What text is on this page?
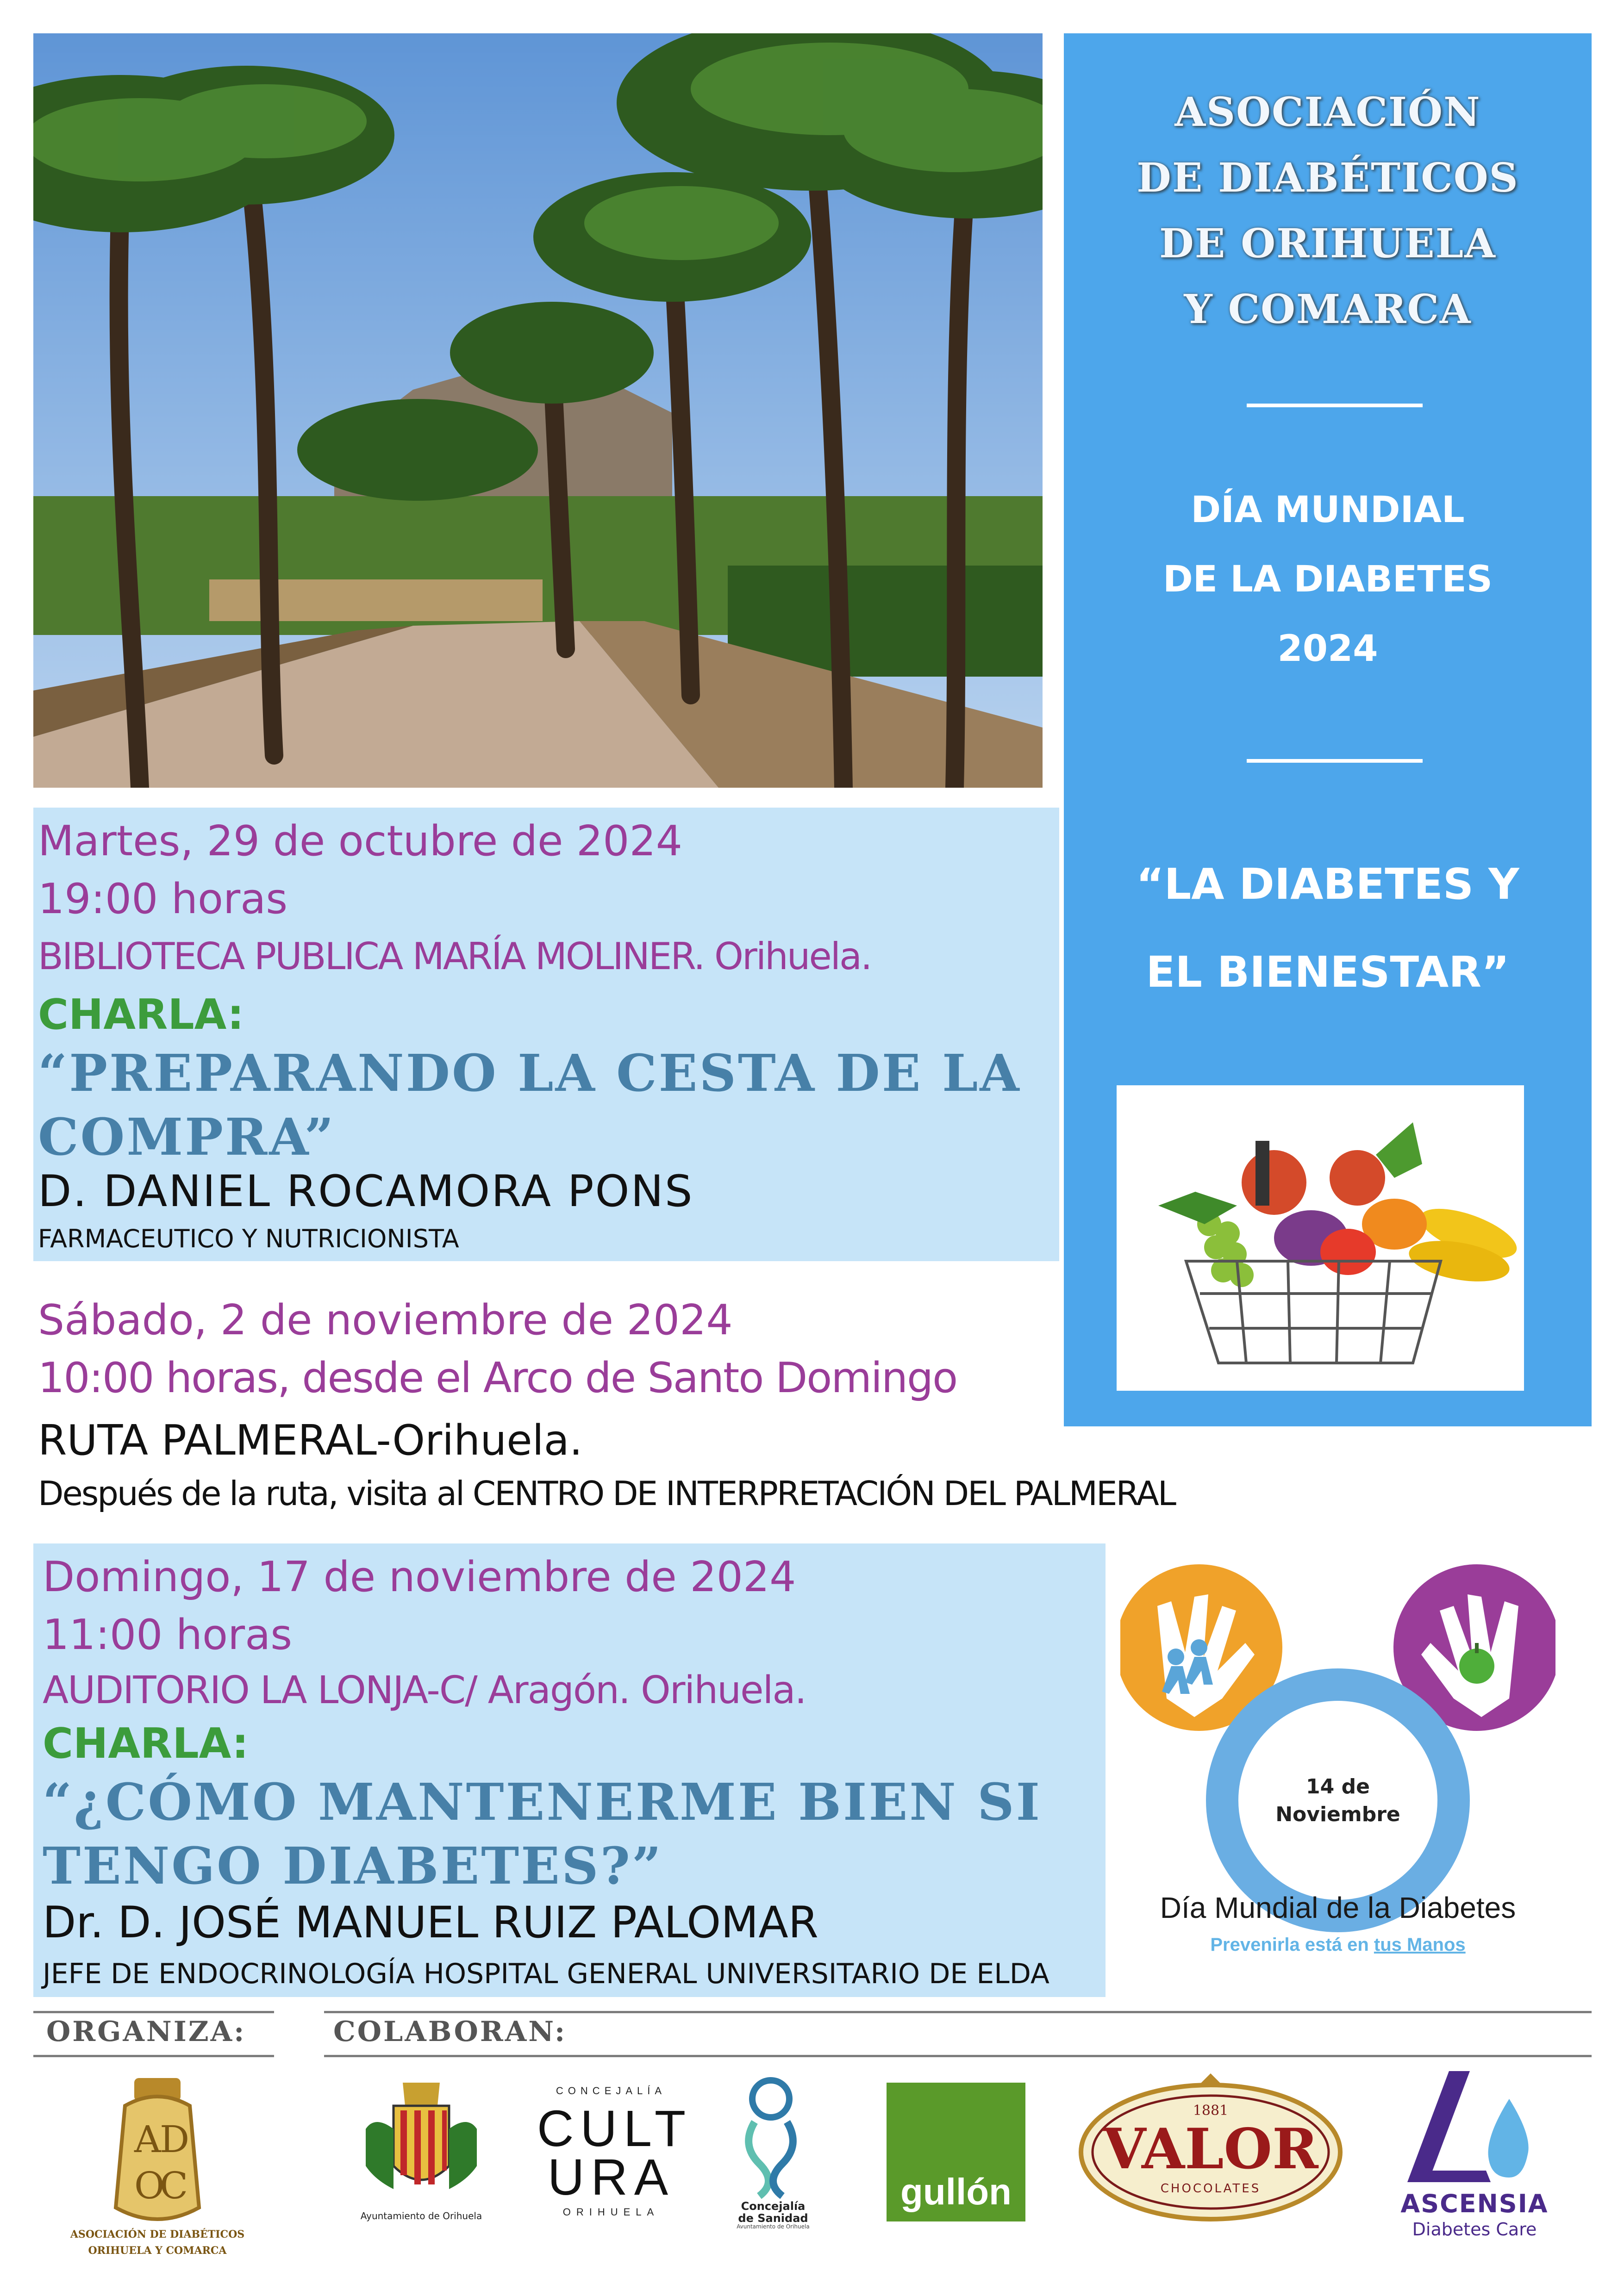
ASOCIACIÓN
DE DIABÉTICOS
DE ORIHUELA
Y COMARCA
DÍA MUNDIAL
DE LA DIABETES
2024
“LA DIABETES Y
EL BIENESTAR”
Martes, 29 de octubre de 2024
19:00 horas
BIBLIOTECA PUBLICA MARÍA MOLINER. Orihuela.
CHARLA:
“PREPARANDO LA CESTA DE LA COMPRA”
D. DANIEL ROCAMORA PONS
FARMACEUTICO Y NUTRICIONISTA
Sábado, 2 de noviembre de 2024
10:00 horas, desde el Arco de Santo Domingo
RUTA PALMERAL-Orihuela.
Después de la ruta, visita al CENTRO DE INTERPRETACIÓN DEL PALMERAL
Domingo, 17 de noviembre de 2024
11:00 horas
AUDITORIO LA LONJA-C/ Aragón. Orihuela.
CHARLA:
“¿CÓMO MANTENERME BIEN SI TENGO DIABETES?”
Dr. D. JOSÉ MANUEL RUIZ PALOMAR
JEFE DE ENDOCRINOLOGÍA HOSPITAL GENERAL UNIVERSITARIO DE ELDA
14 de
Noviembre
Día Mundial de la Diabetes
Prevenirla está en tus Manos
ORGANIZA:	COLABORAN:
A
D
O
C
ASOCIACIÓN DE DIABÉTICOS
ORIHUELA Y COMARCA
Ayuntamiento de Orihuela
CONCEJALÍA
CULT
URA
ORIHUELA	Concejalía
de Sanidad
Ayuntamiento de Orihuela
gullón
1881
VALOR
CHOCOLATES
ASCENSIA
Diabetes Care
